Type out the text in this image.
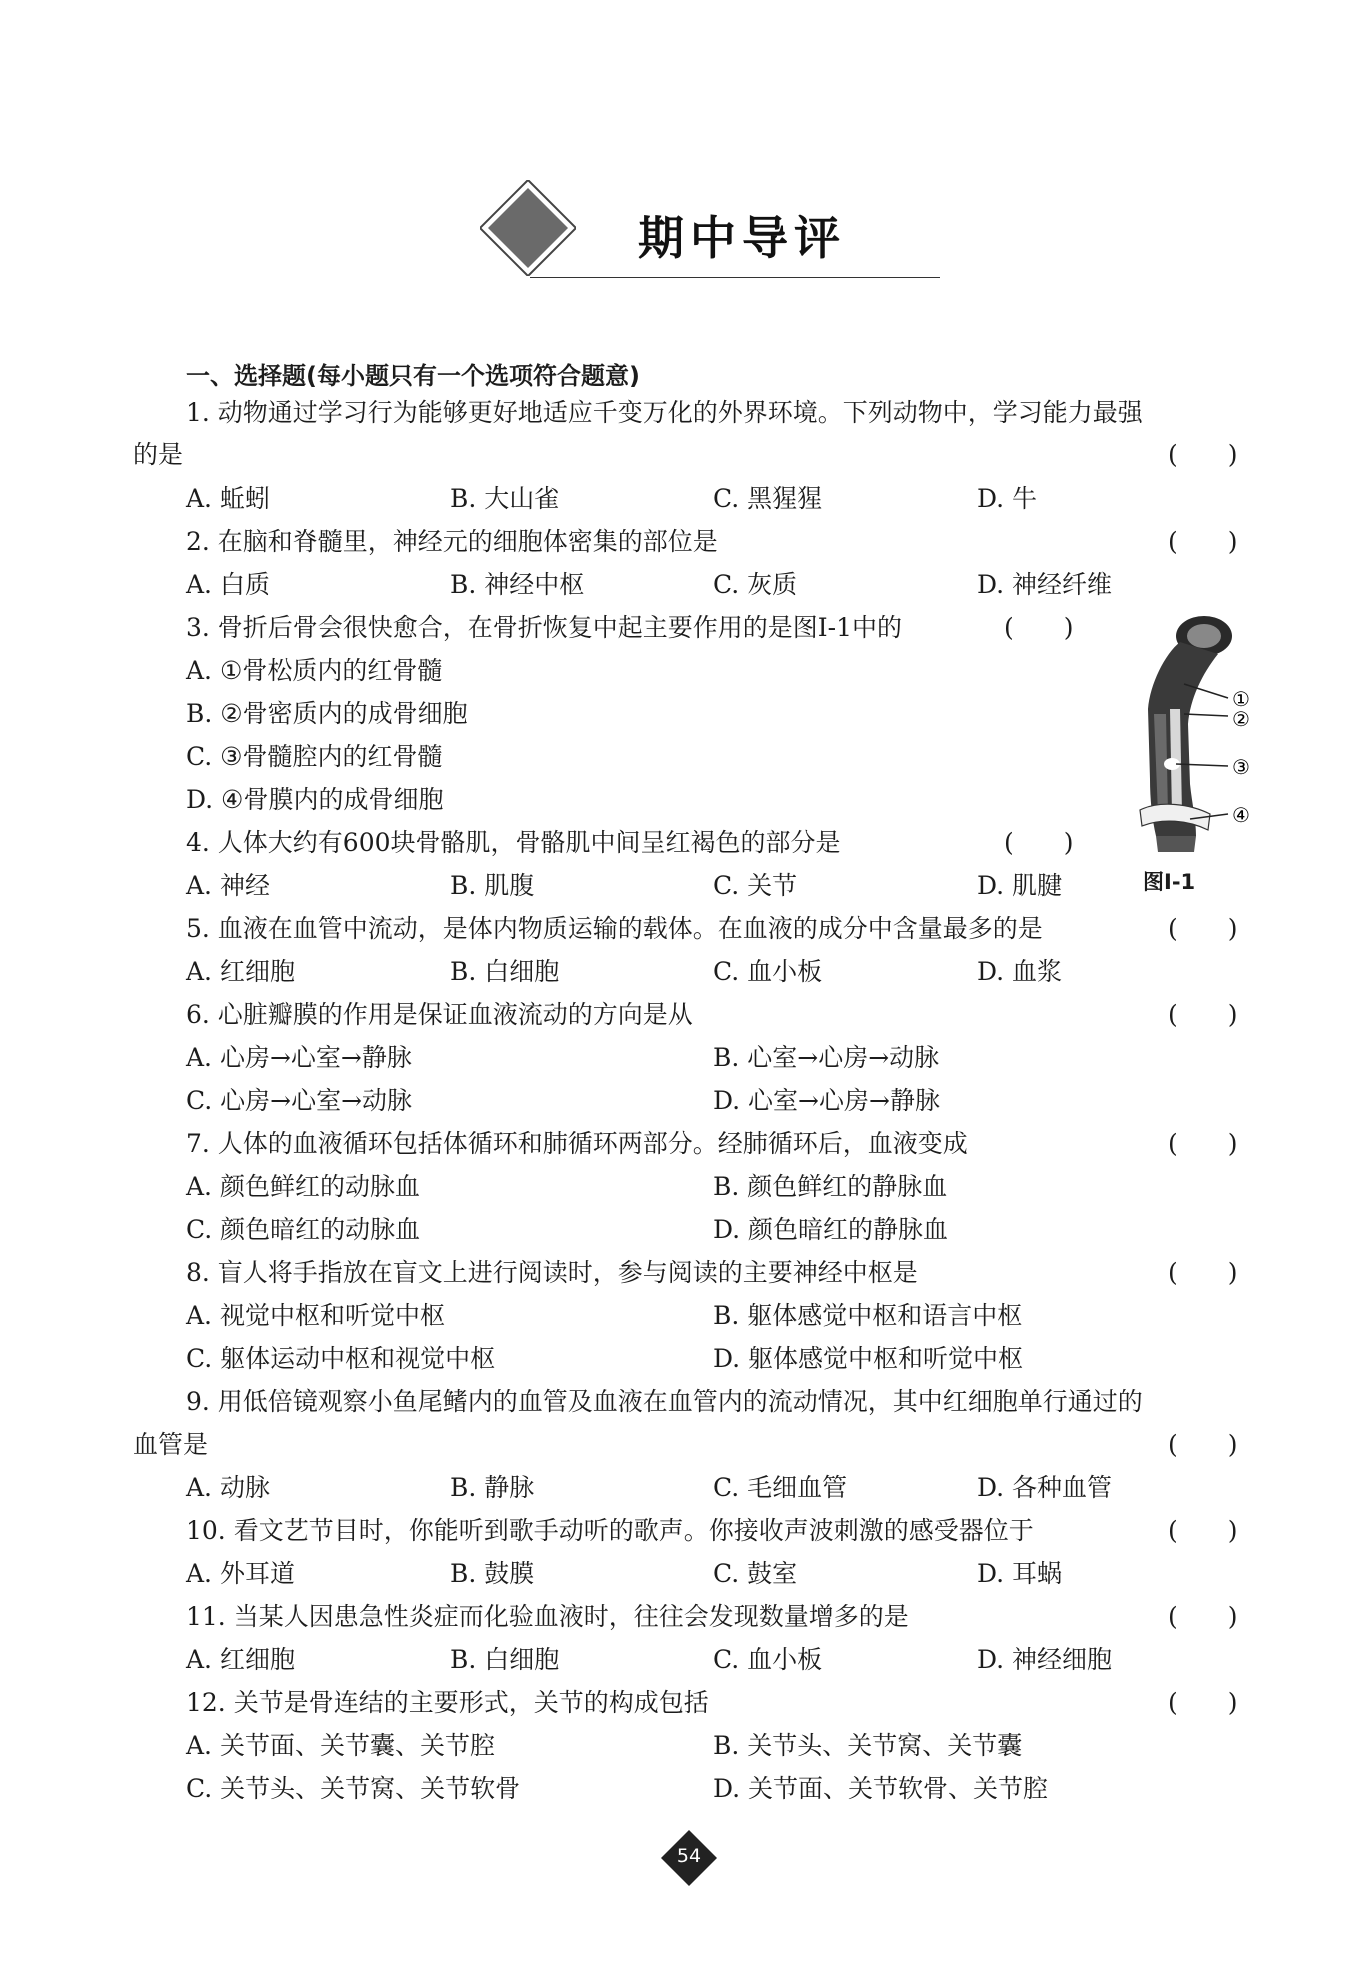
期中导评
一、选择题(每小题只有一个选项符合题意)
1. 动物通过学习行为能够更好地适应千变万化的外界环境。下列动物中，学习能力最强
的是	(　　)
A. 蚯蚓	B. 大山雀	C. 黑猩猩	D. 牛
2. 在脑和脊髓里，神经元的细胞体密集的部位是	(　　)
A. 白质	B. 神经中枢	C. 灰质	D. 神经纤维
3. 骨折后骨会很快愈合，在骨折恢复中起主要作用的是图Ⅰ-1中的	(　　)
A. ①骨松质内的红骨髓
B. ②骨密质内的成骨细胞
C. ③骨髓腔内的红骨髓
D. ④骨膜内的成骨细胞
①
②
③
④
图Ⅰ-1
4. 人体大约有600块骨骼肌，骨骼肌中间呈红褐色的部分是	(　　)
A. 神经	B. 肌腹	C. 关节	D. 肌腱
5. 血液在血管中流动，是体内物质运输的载体。在血液的成分中含量最多的是	(　　)
A. 红细胞	B. 白细胞	C. 血小板	D. 血浆
6. 心脏瓣膜的作用是保证血液流动的方向是从	(　　)
A. 心房→心室→静脉	B. 心室→心房→动脉
C. 心房→心室→动脉	D. 心室→心房→静脉
7. 人体的血液循环包括体循环和肺循环两部分。经肺循环后，血液变成	(　　)
A. 颜色鲜红的动脉血	B. 颜色鲜红的静脉血
C. 颜色暗红的动脉血	D. 颜色暗红的静脉血
8. 盲人将手指放在盲文上进行阅读时，参与阅读的主要神经中枢是	(　　)
A. 视觉中枢和听觉中枢	B. 躯体感觉中枢和语言中枢
C. 躯体运动中枢和视觉中枢	D. 躯体感觉中枢和听觉中枢
9. 用低倍镜观察小鱼尾鳍内的血管及血液在血管内的流动情况，其中红细胞单行通过的
血管是	(　　)
A. 动脉	B. 静脉	C. 毛细血管	D. 各种血管
10. 看文艺节目时，你能听到歌手动听的歌声。你接收声波刺激的感受器位于	(　　)
A. 外耳道	B. 鼓膜	C. 鼓室	D. 耳蜗
11. 当某人因患急性炎症而化验血液时，往往会发现数量增多的是	(　　)
A. 红细胞	B. 白细胞	C. 血小板	D. 神经细胞
12. 关节是骨连结的主要形式，关节的构成包括	(　　)
A. 关节面、关节囊、关节腔	B. 关节头、关节窝、关节囊
C. 关节头、关节窝、关节软骨	D. 关节面、关节软骨、关节腔
54
